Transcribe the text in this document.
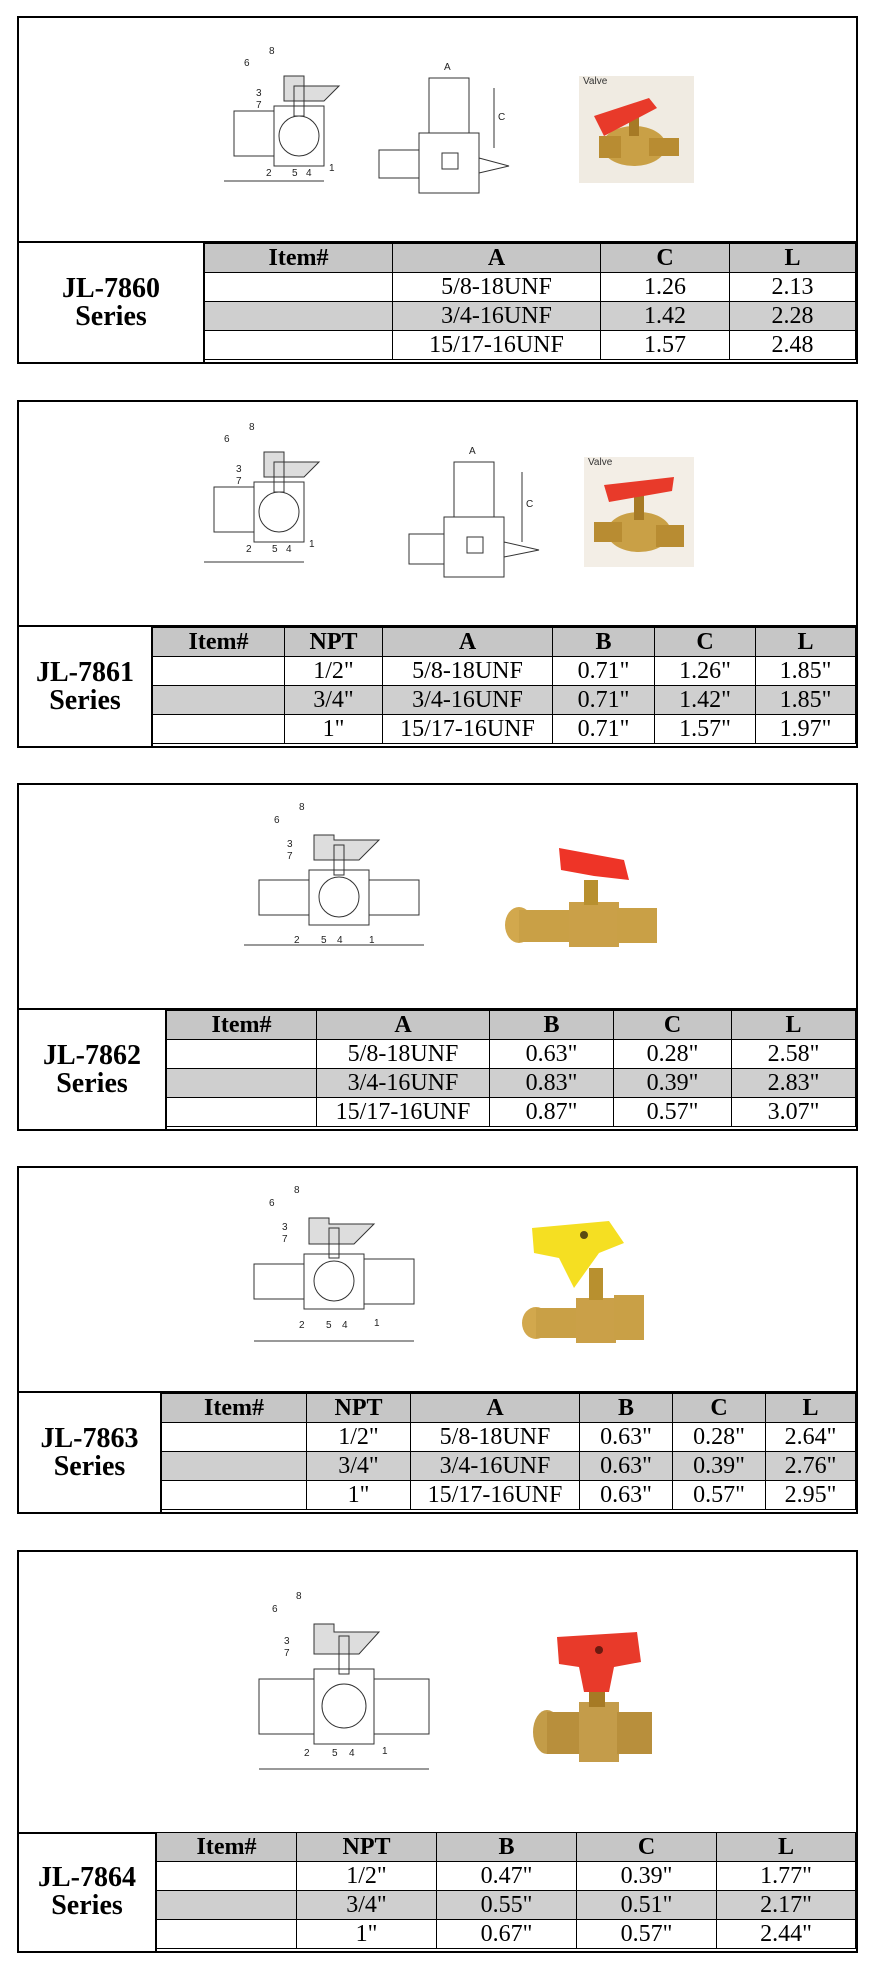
6
8
3
7
2 5 4 1
A
C
Valve
JL-7860
Series
Item#	A	C	L
	5/8-18UNF	1.26	2.13
	3/4-16UNF	1.42	2.28
	15/17-16UNF	1.57	2.48
6
8
3
7
2 5 4 1
A
C
Valve
JL-7861
Series
Item#	NPT	A	B	C	L
	1/2"	5/8-18UNF	0.71"	1.26"	1.85"
	3/4"	3/4-16UNF	0.71"	1.42"	1.85"
	1"	15/17-16UNF	0.71"	1.57"	1.97"
6
8
3
7
2 5 4	1
JL-7862
Series
Item#	A	B	C	L
	5/8-18UNF	0.63"	0.28"	2.58"
	3/4-16UNF	0.83"	0.39"	2.83"
	15/17-16UNF	0.87"	0.57"	3.07"
6
8
3
7
2 5 4	1
JL-7863
Series
Item#	NPT	A	B	C	L
	1/2"	5/8-18UNF	0.63"	0.28"	2.64"
	3/4"	3/4-16UNF	0.63"	0.39"	2.76"
	1"	15/17-16UNF	0.63"	0.57"	2.95"
6
8
3
7
2 5 4	1
JL-7864
Series
Item#	NPT	B	C	L
	1/2"	0.47"	0.39"	1.77"
	3/4"	0.55"	0.51"	2.17"
	1"	0.67"	0.57"	2.44"
